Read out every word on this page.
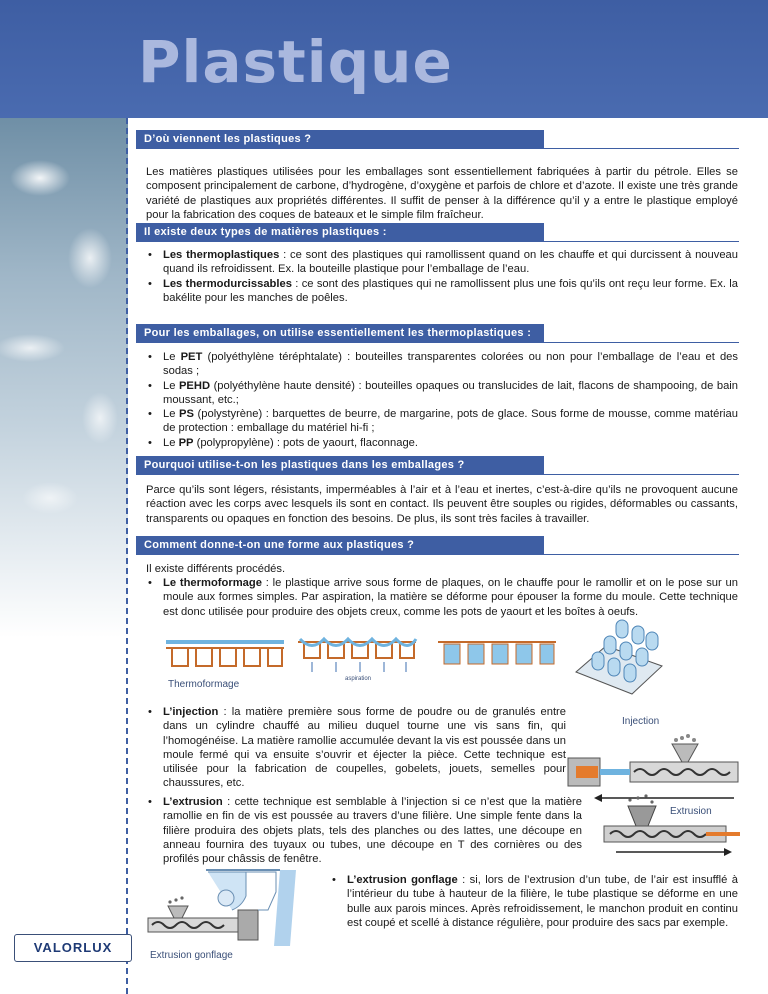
Plastique
D’où viennent les plastiques ?

Les matières plastiques utilisées pour les emballages sont essentiellement fabriquées à partir du pétrole. Elles se composent principalement de carbone, d’hydrogène, d’oxygène et parfois de chlore et d’azote. Il existe une très grande variété de plastiques aux propriétés différentes. Il suffit de penser à la différence qu’il y a entre le plastique employé pour la fabrication des coques de bateaux et le simple film fraîcheur.

Il existe deux types de matières plastiques :
• Les thermoplastiques : ce sont des plastiques qui ramollissent quand on les chauffe et qui durcissent à nouveau quand ils refroidissent. Ex. la bouteille plastique pour l’emballage de l’eau.
• Les thermodurcissables : ce sont des plastiques qui ne ramollissent plus une fois qu’ils ont reçu leur forme. Ex. la bakélite pour les manches de poêles.
Pour les emballages, on utilise essentiellement les thermoplastiques :
• Le PET (polyéthylène téréphtalate) : bouteilles transparentes colorées ou non pour l’emballage de l’eau et des sodas ;
• Le PEHD (polyéthylène haute densité) : bouteilles opaques ou translucides de lait, flacons de shampooing, de bain moussant, etc.;
• Le PS (polystyrène) : barquettes de beurre, de margarine, pots de glace. Sous forme de mousse, comme matériau de protection : emballage du matériel hi-fi ;
• Le PP (polypropylène) : pots de yaourt, flaconnage.
Pourquoi utilise-t-on les plastiques dans les emballages ?

Parce qu’ils sont légers, résistants, imperméables à l’air et à l’eau et inertes, c’est-à-dire qu’ils ne provoquent aucune réaction avec les corps avec lesquels ils sont en contact. Ils peuvent être souples ou rigides, déformables ou cassants, transparents ou opaques en fonction des besoins. De plus, ils sont très faciles à travailler.

Comment donne-t-on une forme aux plastiques ?

Il existe différents procédés.

• Le thermoformage : le plastique arrive sous forme de plaques, on le chauffe pour le ramollir et on le pose sur un moule aux formes simples. Par aspiration, la matière se déforme pour épouser la forme du moule. Cette technique est donc utilisée pour produire des objets creux, comme les pots de yaourt et les boîtes à oeufs.
aspiration
Thermoformage
• L’injection : la matière première sous forme de poudre ou de granulés entre dans un cylindre chauffé au milieu duquel tourne une vis sans fin, qui l’homogénéise. La matière ramollie accumulée devant la vis est poussée dans un moule fermé qui va ensuite s’ouvrir et éjecter la pièce. Cette technique est utilisée pour la fabrication de coupelles, gobelets, jouets, semelles pour chaussures, etc.
Injection
• L’extrusion : cette technique est semblable à l’injection si ce n’est que la matière ramollie en fin de vis est poussée au travers d’une filière. Une simple fente dans la filière produira des objets plats, tels des planches ou des lattes, une découpe en anneau fournira des tuyaux ou tubes, une découpe en T des cornières ou des profilés pour châssis de fenêtre.
Extrusion
• L’extrusion gonflage : si, lors de l’extrusion d’un tube, de l’air est insufflé à l’intérieur du tube à hauteur de la filière, le tube plastique se déforme en une bulle aux parois minces. Après refroidissement, le manchon produit en continu est coupé et scellé à distance régulière, pour produire des sacs par exemple.
Extrusion gonflage
VALORLUX
